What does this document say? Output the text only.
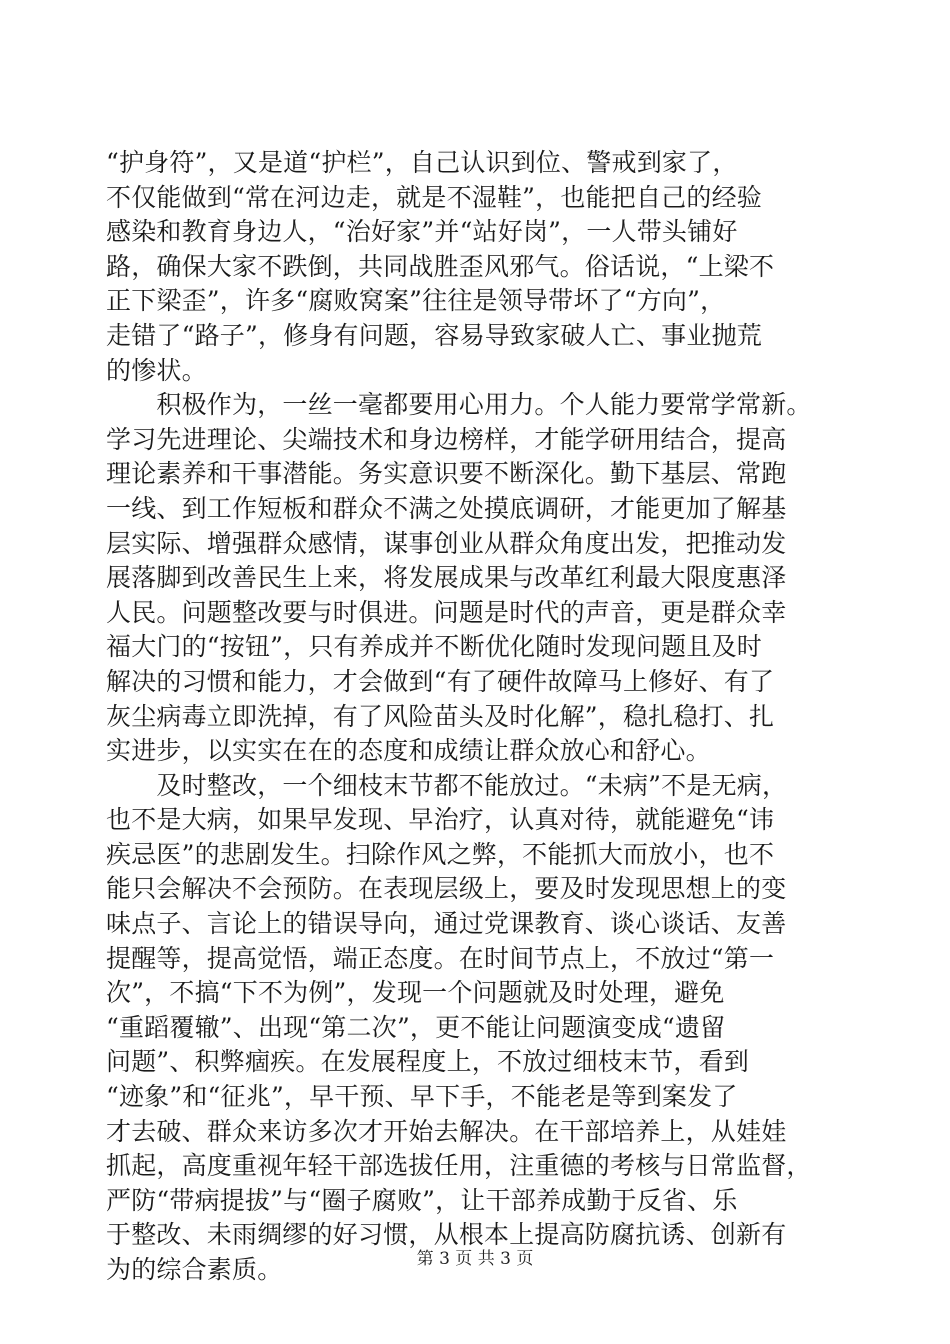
“护身符”，又是道“护栏”，自己认识到位、警戒到家了，
不仅能做到“常在河边走，就是不湿鞋”，也能把自己的经验
感染和教育身边人，“治好家”并“站好岗”，一人带头铺好
路，确保大家不跌倒，共同战胜歪风邪气。俗话说，“上梁不
正下梁歪”，许多“腐败窝案”往往是领导带坏了“方向”，
走错了“路子”，修身有问题，容易导致家破人亡、事业抛荒
的惨状。
　　积极作为，一丝一毫都要用心用力。个人能力要常学常新。
学习先进理论、尖端技术和身边榜样，才能学研用结合，提高
理论素养和干事潜能。务实意识要不断深化。勤下基层、常跑
一线、到工作短板和群众不满之处摸底调研，才能更加了解基
层实际、增强群众感情，谋事创业从群众角度出发，把推动发
展落脚到改善民生上来，将发展成果与改革红利最大限度惠泽
人民。问题整改要与时俱进。问题是时代的声音，更是群众幸
福大门的“按钮”，只有养成并不断优化随时发现问题且及时
解决的习惯和能力，才会做到“有了硬件故障马上修好、有了
灰尘病毒立即洗掉，有了风险苗头及时化解”，稳扎稳打、扎
实进步，以实实在在的态度和成绩让群众放心和舒心。
　　及时整改，一个细枝末节都不能放过。“未病”不是无病，
也不是大病，如果早发现、早治疗，认真对待，就能避免“讳
疾忌医”的悲剧发生。扫除作风之弊，不能抓大而放小，也不
能只会解决不会预防。在表现层级上，要及时发现思想上的变
味点子、言论上的错误导向，通过党课教育、谈心谈话、友善
提醒等，提高觉悟，端正态度。在时间节点上，不放过“第一
次”，不搞“下不为例”，发现一个问题就及时处理，避免
“重蹈覆辙”、出现“第二次”，更不能让问题演变成“遗留
问题”、积弊痼疾。在发展程度上，不放过细枝末节，看到
“迹象”和“征兆”，早干预、早下手，不能老是等到案发了
才去破、群众来访多次才开始去解决。在干部培养上，从娃娃
抓起，高度重视年轻干部选拔任用，注重德的考核与日常监督，
严防“带病提拔”与“圈子腐败”，让干部养成勤于反省、乐
于整改、未雨绸缪的好习惯，从根本上提高防腐抗诱、创新有
为的综合素质。	第 3 页 共 3 页
